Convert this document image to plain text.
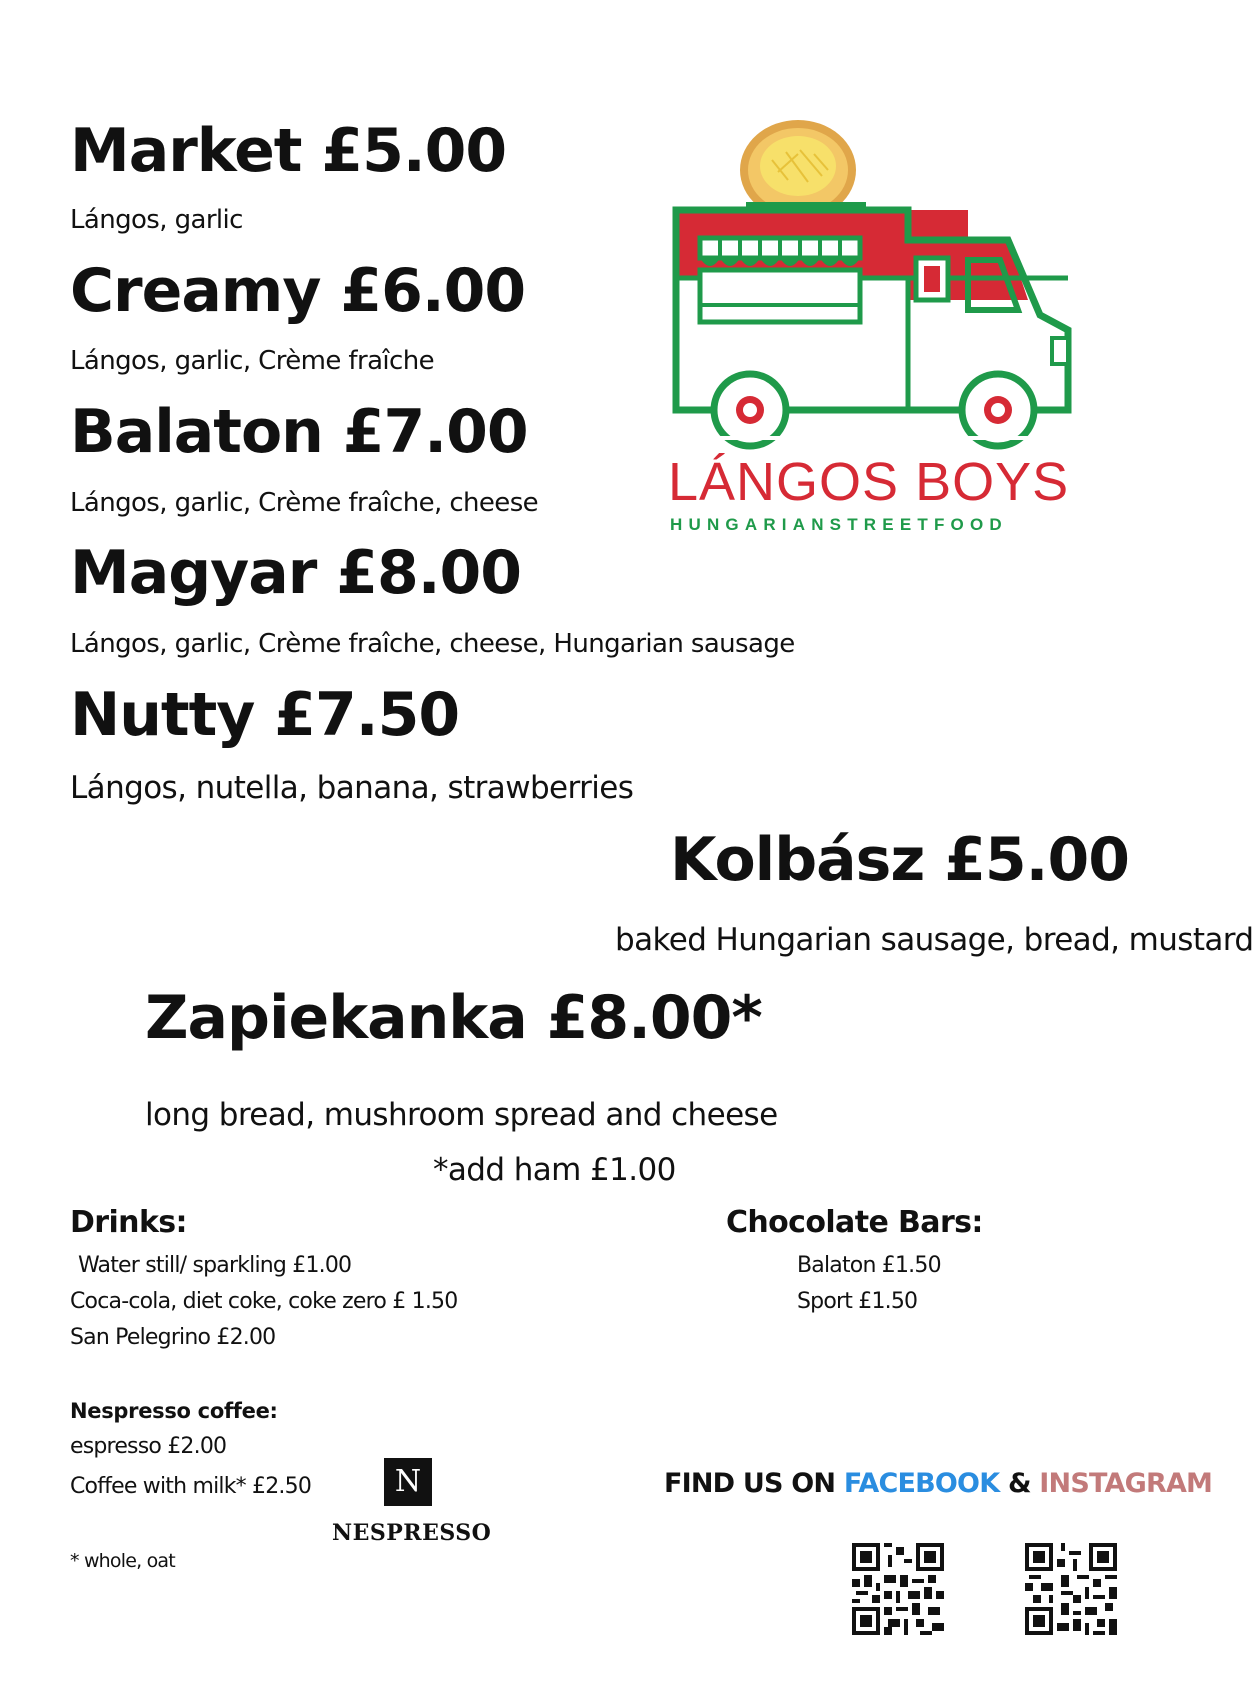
Market £5.00
Lángos, garlic
Creamy £6.00
Lángos, garlic, Crème fraîche
Balaton £7.00
Lángos, garlic, Crème fraîche, cheese
Magyar £8.00
Lángos, garlic, Crème fraîche, cheese, Hungarian sausage
Nutty £7.50
Lángos, nutella, banana, strawberries
Kolbász £5.00
baked Hungarian sausage, bread, mustard
Zapiekanka £8.00*
long bread, mushroom spread and cheese
*add ham £1.00
LÁNGOS BOYS
HUNGARIANSTREETFOOD
Drinks:
Water still/ sparkling £1.00
Coca-cola, diet coke, coke zero £ 1.50
San Pelegrino £2.00
Chocolate Bars:
Balaton £1.50
Sport £1.50
Nespresso coffee:
espresso £2.00
Coffee with milk* £2.50
* whole, oat
N
NESPRESSO
FIND US ON FACEBOOK & INSTAGRAM
